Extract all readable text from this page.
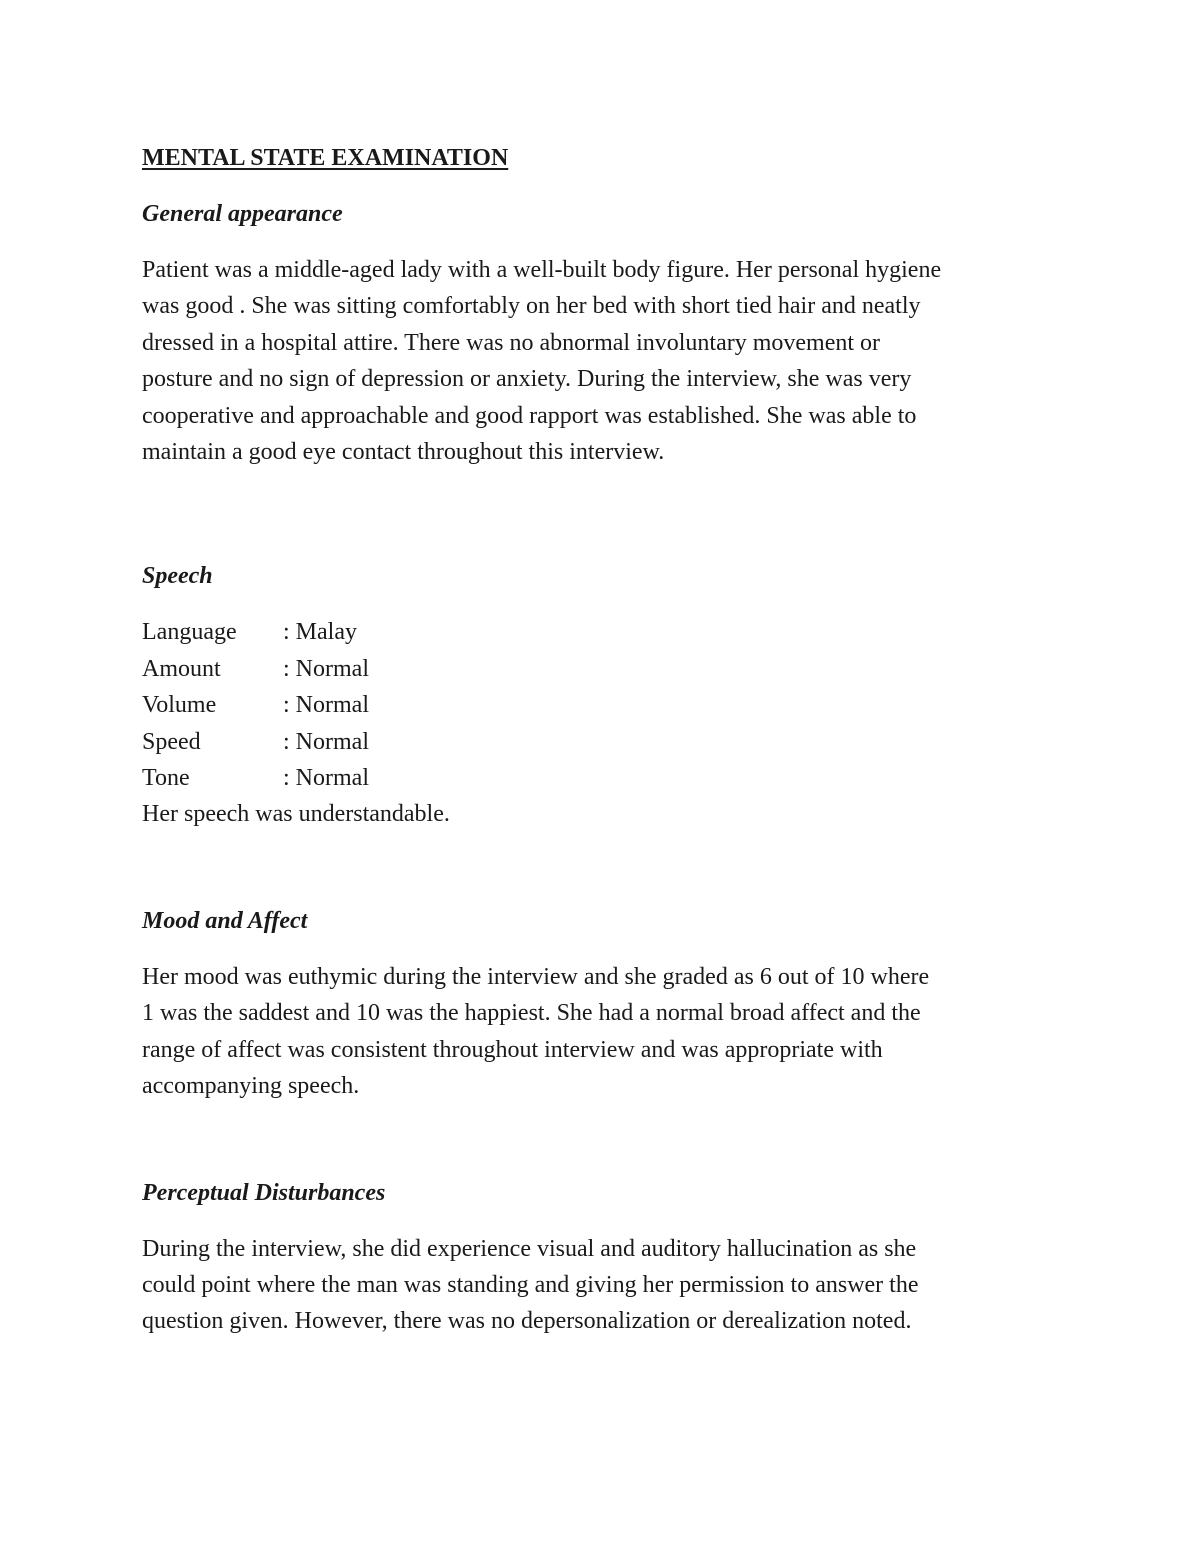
MENTAL STATE EXAMINATION
General appearance
Patient was a middle-aged lady with a well-built body figure. Her personal hygiene
was good . She was sitting comfortably on her bed with short tied hair and neatly
dressed in a hospital attire. There was no abnormal involuntary movement or
posture and no sign of depression or anxiety. During the interview, she was very
cooperative and approachable and good rapport was established. She was able to
maintain a good eye contact throughout this interview.
Speech
Language	: Malay
Amount	: Normal
Volume	: Normal
Speed	: Normal
Tone	: Normal
Her speech was understandable.
Mood and Affect
Her mood was euthymic during the interview and she graded as 6 out of 10 where
1 was the saddest and 10 was the happiest. She had a normal broad affect and the
range of affect was consistent throughout interview and was appropriate with
accompanying speech.
Perceptual Disturbances
During the interview, she did experience visual and auditory hallucination as she
could point where the man was standing and giving her permission to answer the
question given. However, there was no depersonalization or derealization noted.
